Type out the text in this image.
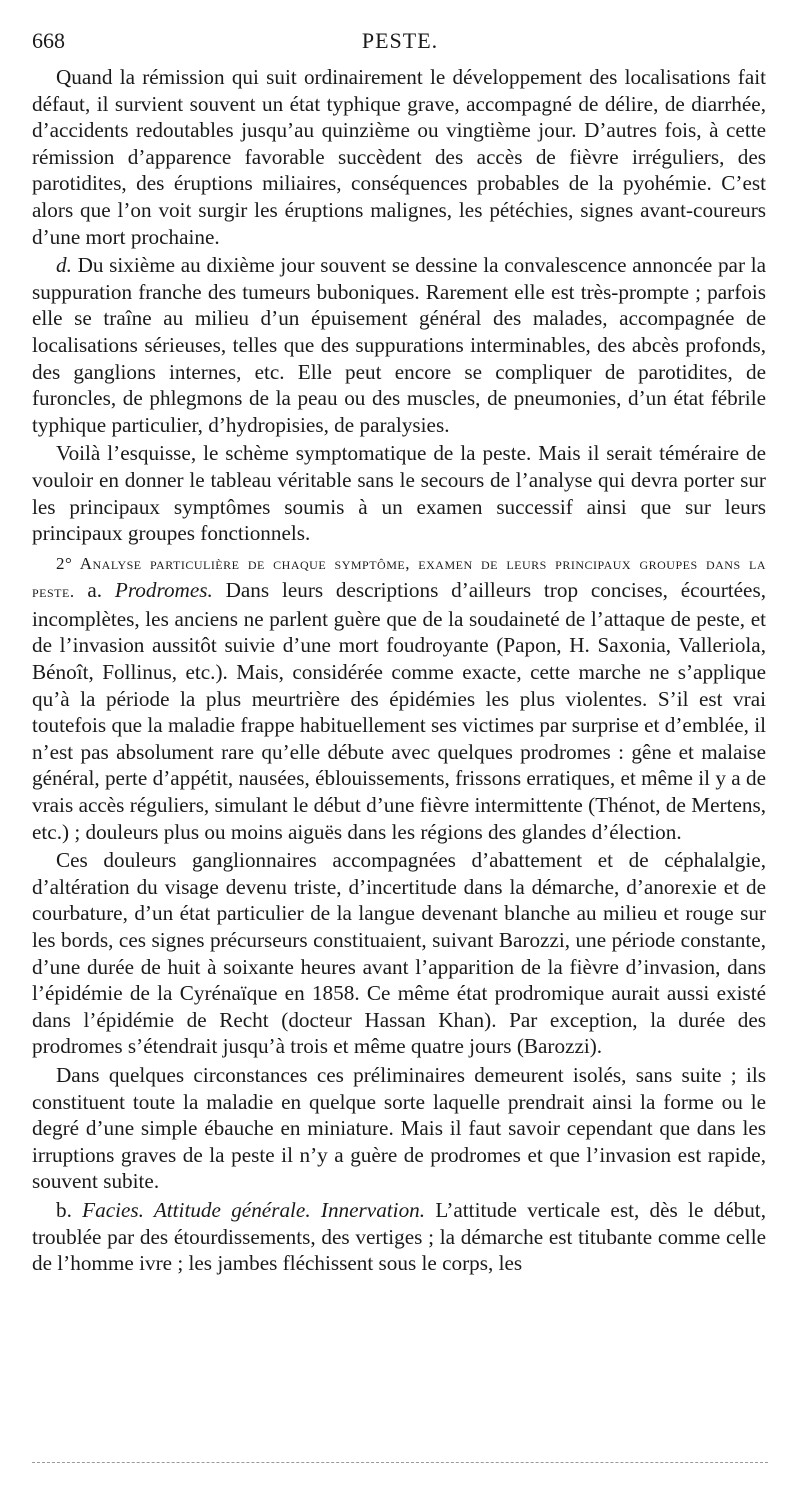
668	PESTE.

Quand la rémission qui suit ordinairement le développement des localisations fait défaut, il survient souvent un état typhique grave, accompagné de délire, de diarrhée, d’accidents redoutables jusqu’au quinzième ou vingtième jour. D’autres fois, à cette rémission d’apparence favorable succèdent des accès de fièvre irréguliers, des parotidites, des éruptions miliaires, conséquences probables de la pyohémie. C’est alors que l’on voit surgir les éruptions malignes, les pétéchies, signes avant-coureurs d’une mort prochaine.

d. Du sixième au dixième jour souvent se dessine la convalescence annoncée par la suppuration franche des tumeurs buboniques. Rarement elle est très-prompte ; parfois elle se traîne au milieu d’un épuisement général des malades, accompagnée de localisations sérieuses, telles que des suppurations interminables, des abcès profonds, des ganglions internes, etc. Elle peut encore se compliquer de parotidites, de furoncles, de phlegmons de la peau ou des muscles, de pneumonies, d’un état fébrile typhique particulier, d’hydropisies, de paralysies.

Voilà l’esquisse, le schème symptomatique de la peste. Mais il serait téméraire de vouloir en donner le tableau véritable sans le secours de l’analyse qui devra porter sur les principaux symptômes soumis à un examen successif ainsi que sur leurs principaux groupes fonctionnels.

2° Analyse particulière de chaque symptôme, examen de leurs principaux groupes dans la peste. a. Prodromes. Dans leurs descriptions d’ailleurs trop concises, écourtées, incomplètes, les anciens ne parlent guère que de la soudaineté de l’attaque de peste, et de l’invasion aussitôt suivie d’une mort foudroyante (Papon, H. Saxonia, Valleriola, Bénoît, Follinus, etc.). Mais, considérée comme exacte, cette marche ne s’applique qu’à la période la plus meurtrière des épidémies les plus violentes. S’il est vrai toutefois que la maladie frappe habituellement ses victimes par surprise et d’emblée, il n’est pas absolument rare qu’elle débute avec quelques prodromes : gêne et malaise général, perte d’appétit, nausées, éblouissements, frissons erratiques, et même il y a de vrais accès réguliers, simulant le début d’une fièvre intermittente (Thénot, de Mertens, etc.) ; douleurs plus ou moins aiguës dans les régions des glandes d’élection.

Ces douleurs ganglionnaires accompagnées d’abattement et de céphalalgie, d’altération du visage devenu triste, d’incertitude dans la démarche, d’anorexie et de courbature, d’un état particulier de la langue devenant blanche au milieu et rouge sur les bords, ces signes précurseurs constituaient, suivant Barozzi, une période constante, d’une durée de huit à soixante heures avant l’apparition de la fièvre d’invasion, dans l’épidémie de la Cyrénaïque en 1858. Ce même état prodromique aurait aussi existé dans l’épidémie de Recht (docteur Hassan Khan). Par exception, la durée des prodromes s’étendrait jusqu’à trois et même quatre jours (Barozzi).

Dans quelques circonstances ces préliminaires demeurent isolés, sans suite ; ils constituent toute la maladie en quelque sorte laquelle prendrait ainsi la forme ou le degré d’une simple ébauche en miniature. Mais il faut savoir cependant que dans les irruptions graves de la peste il n’y a guère de prodromes et que l’invasion est rapide, souvent subite.

b. Facies. Attitude générale. Innervation. L’attitude verticale est, dès le début, troublée par des étourdissements, des vertiges ; la démarche est titubante comme celle de l’homme ivre ; les jambes fléchissent sous le corps, les
